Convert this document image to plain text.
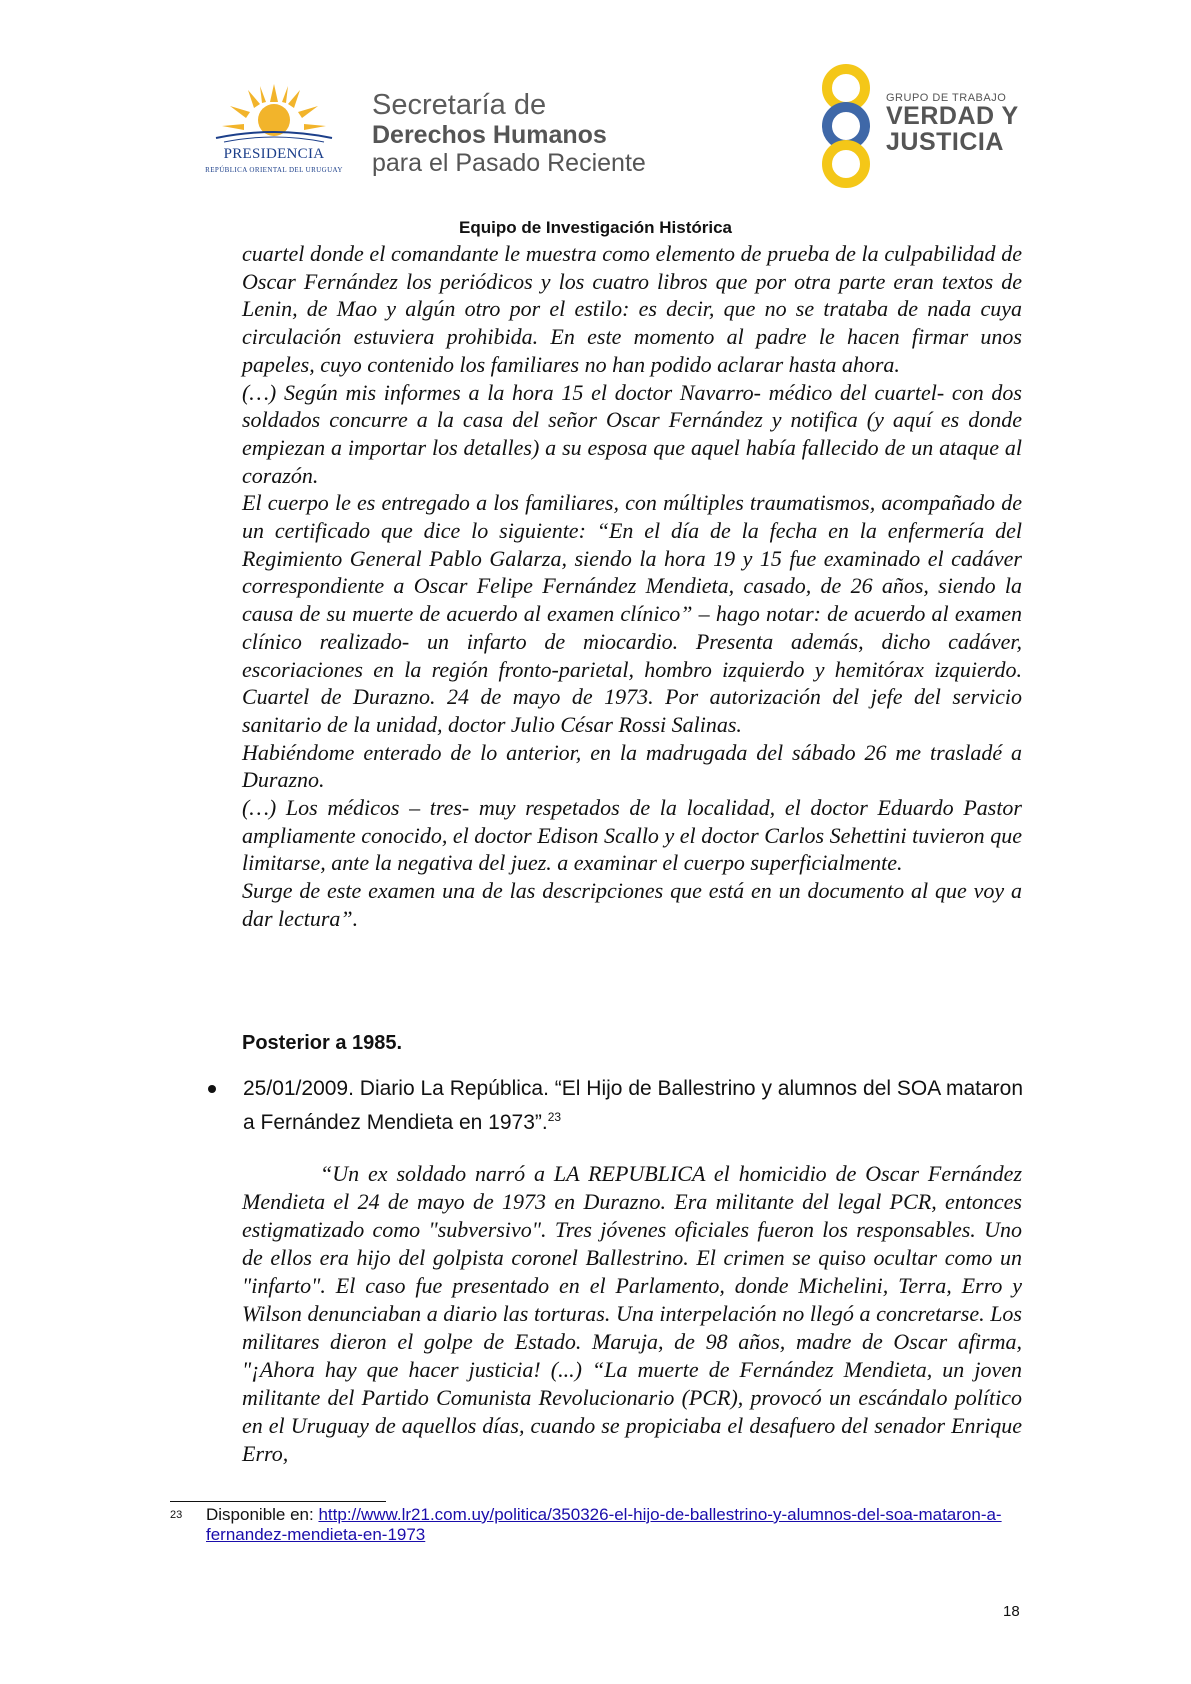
PRESIDENCIA
REPÚBLICA ORIENTAL DEL URUGUAY
Secretaría de
Derechos Humanos
para el Pasado Reciente
GRUPO DE TRABAJO
VERDAD Y
JUSTICIA
Equipo de Investigación Histórica

cuartel donde el comandante le muestra como elemento de prueba de la culpabilidad de Oscar Fernández los periódicos y los cuatro libros que por otra parte eran textos de Lenin, de Mao y algún otro por el estilo: es decir, que no se trataba de nada cuya circulación estuviera prohibida. En este momento al padre le hacen firmar unos papeles, cuyo contenido los familiares no han podido aclarar hasta ahora.

(…) Según mis informes a la hora 15 el doctor Navarro- médico del cuartel- con dos soldados concurre a la casa del señor Oscar Fernández y notifica (y aquí es donde empiezan a importar los detalles) a su esposa que aquel había fallecido de un ataque al corazón.

El cuerpo le es entregado a los familiares, con múltiples traumatismos, acompañado de un certificado que dice lo siguiente: “En el día de la fecha en la enfermería del Regimiento General Pablo Galarza, siendo la hora 19 y 15 fue examinado el cadáver correspondiente a Oscar Felipe Fernández Mendieta, casado, de 26 años, siendo la causa de su muerte de acuerdo al examen clínico” – hago notar: de acuerdo al examen clínico realizado- un infarto de miocardio. Presenta además, dicho cadáver, escoriaciones en la región fronto-parietal, hombro izquierdo y hemitórax izquierdo. Cuartel de Durazno. 24 de mayo de 1973. Por autorización del jefe del servicio sanitario de la unidad, doctor Julio César Rossi Salinas.

Habiéndome enterado de lo anterior, en la madrugada del sábado 26 me trasladé a Durazno.

(…) Los médicos – tres- muy respetados de la localidad, el doctor Eduardo Pastor ampliamente conocido, el doctor Edison Scallo y el doctor Carlos Sehettini tuvieron que limitarse, ante la negativa del juez. a examinar el cuerpo superficialmente.

Surge de este examen una de las descripciones que está en un documento al que voy a dar lectura”.

Posterior a 1985.
25/01/2009. Diario La República. “El Hijo de Ballestrino y alumnos del SOA mataron a Fernández Mendieta en 1973”.$^{23}$

“Un ex soldado narró a LA REPUBLICA el homicidio de Oscar Fernández Mendieta el 24 de mayo de 1973 en Durazno. Era militante del legal PCR, entonces estigmatizado como "subversivo". Tres jóvenes oficiales fueron los responsables. Uno de ellos era hijo del golpista coronel Ballestrino. El crimen se quiso ocultar como un "infarto". El caso fue presentado en el Parlamento, donde Michelini, Terra, Erro y Wilson denunciaban a diario las torturas. Una interpelación no llegó a concretarse. Los militares dieron el golpe de Estado. Maruja, de 98 años, madre de Oscar afirma, "¡Ahora hay que hacer justicia! (...) “La muerte de Fernández Mendieta, un joven militante del Partido Comunista Revolucionario (PCR), provocó un escándalo político en el Uruguay de aquellos días, cuando se propiciaba el desafuero del senador Enrique Erro,

23 Disponible en: http://www.lr21.com.uy/politica/350326-el-hijo-de-ballestrino-y-alumnos-del-soa-mataron-a-fernandez-mendieta-en-1973
18
